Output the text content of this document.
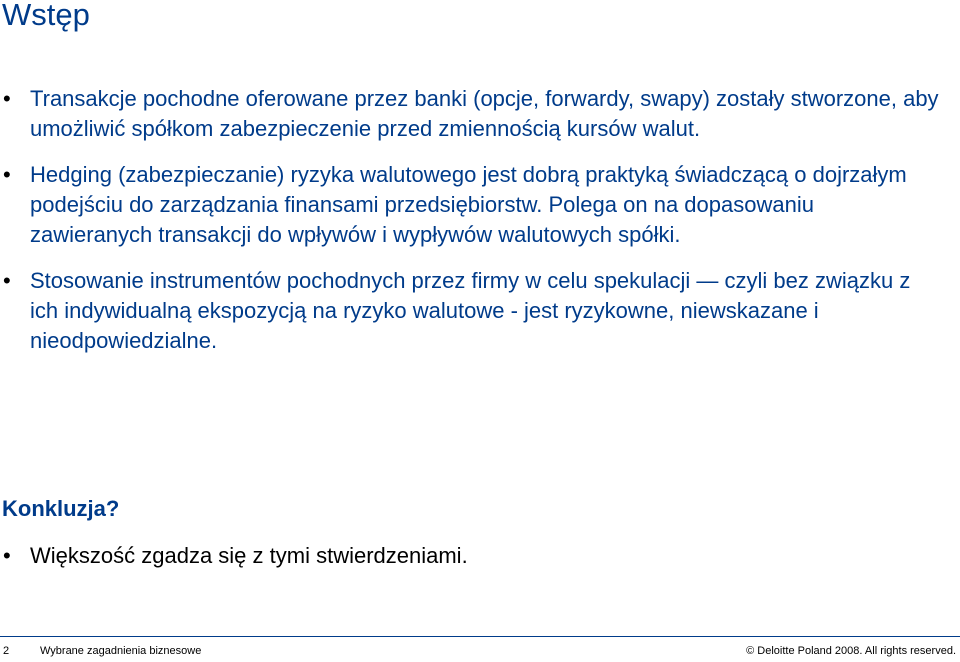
Wstęp
• Transakcje pochodne oferowane przez banki (opcje, forwardy, swapy) zostały stworzone, aby umożliwić spółkom zabezpieczenie przed zmiennością kursów walut.
• Hedging (zabezpieczanie) ryzyka walutowego jest dobrą praktyką świadczącą o dojrzałym podejściu do zarządzania finansami przedsiębiorstw. Polega on na dopasowaniu zawieranych transakcji do wpływów i wypływów walutowych spółki.
• Stosowanie instrumentów pochodnych przez firmy w celu spekulacji — czyli bez związku z ich indywidualną ekspozycją na ryzyko walutowe - jest ryzykowne, niewskazane i nieodpowiedzialne.
Konkluzja?
• Większość zgadza się z tymi stwierdzeniami.
2	Wybrane zagadnienia biznesowe	© Deloitte Poland 2008. All rights reserved.
